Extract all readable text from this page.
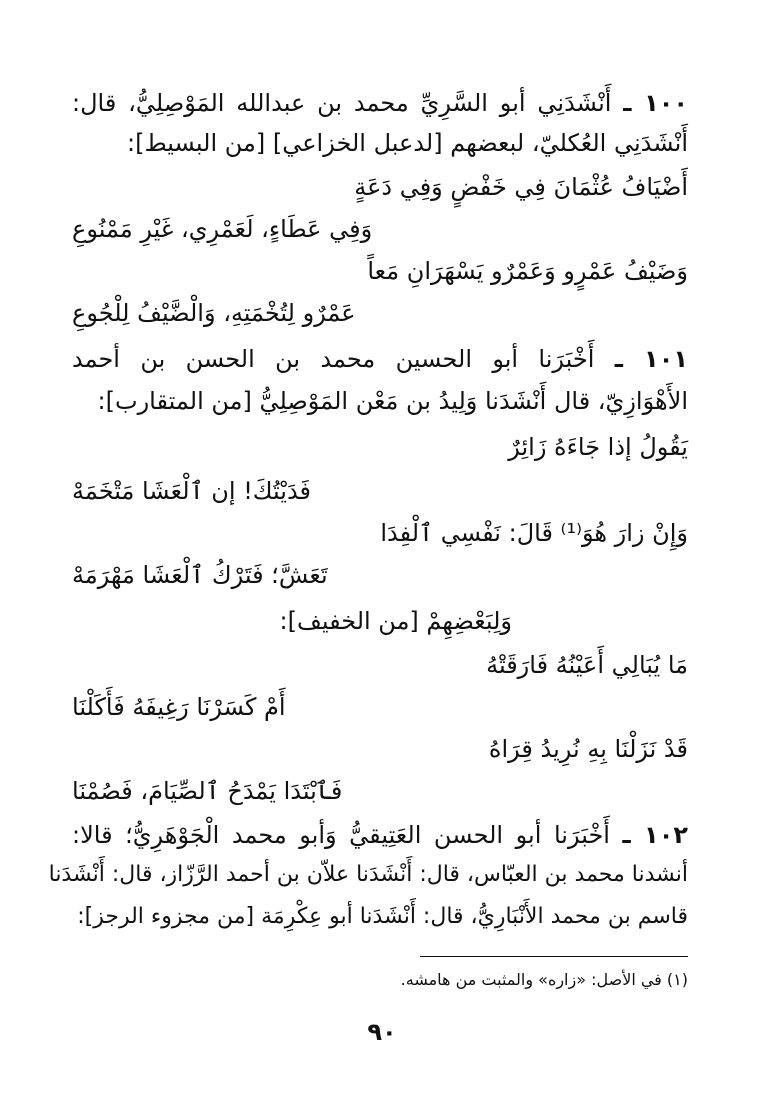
١٠٠ ـ أَنْشَدَنِي أبو السَّرِيِّ محمد بن عبدالله المَوْصِلِيُّ، قال:
أَنْشَدَنِي العُكليّ، لبعضهم [لدعبل الخزاعي] [من البسيط]:
أَضْيَافُ عُثْمَانَ فِي خَفْضٍ وَفِي دَعَةٍ
وَفِي عَطَاءٍ، لَعَمْرِي، غَيْرِ مَمْنُوعِ
وَضَيْفُ عَمْرٍو وَعَمْرٌو يَسْهَرَانِ مَعاً
عَمْرٌو لِتُخْمَتِهِ، وَالْضَّيْفُ لِلْجُوعِ
١٠١ ـ أَخْبَرَنا أبو الحسين محمد بن الحسن بن أحمد
الأَهْوَازِيّ، قال أَنْشَدَنا وَلِيدُ بن مَعْن المَوْصِلِيُّ [من المتقارب]:
يَقُولُ إذا جَاءَهُ زَائِرٌ
فَدَيْتُكَ! إن ٱلْعَشَا مَتْخَمَهْ
وَإِنْ زارَ هُوَ⁽¹⁾ قَالَ: نَفْسِي ٱلْفِدَا
تَعَشَّ؛ فَتَرْكُ ٱلْعَشَا مَهْرَمَهْ
وَلِبَعْضِهِمْ [من الخفيف]:
مَا يُبَالِي أَعَيْنُهُ فَارَقَتْهُ
أَمْ كَسَرْنَا رَغِيفَهُ فَأَكَلْنَا
قَدْ نَزَلْنَا بِهِ نُرِيدُ قِرَاهُ
فَٱبْتَدَا يَمْدَحُ ٱلصِّيَامَ، فَصُمْنَا
١٠٢ ـ أَخْبَرَنا أبو الحسن العَتِيقيُّ وَأبو محمد الْجَوْهَرِيُّ؛ قالا:
أنشدنا محمد بن العبّاس، قال: أَنْشَدَنا علاّن بن أحمد الرَّزّاز، قال: أَنْشَدَنا
قاسم بن محمد الأَنْبَارِيُّ، قال: أَنْشَدَنا أبو عِكْرِمَة [من مجزوء الرجز]:
(١) في الأصل: «زاره» والمثبت من هامشه.
٩٠
